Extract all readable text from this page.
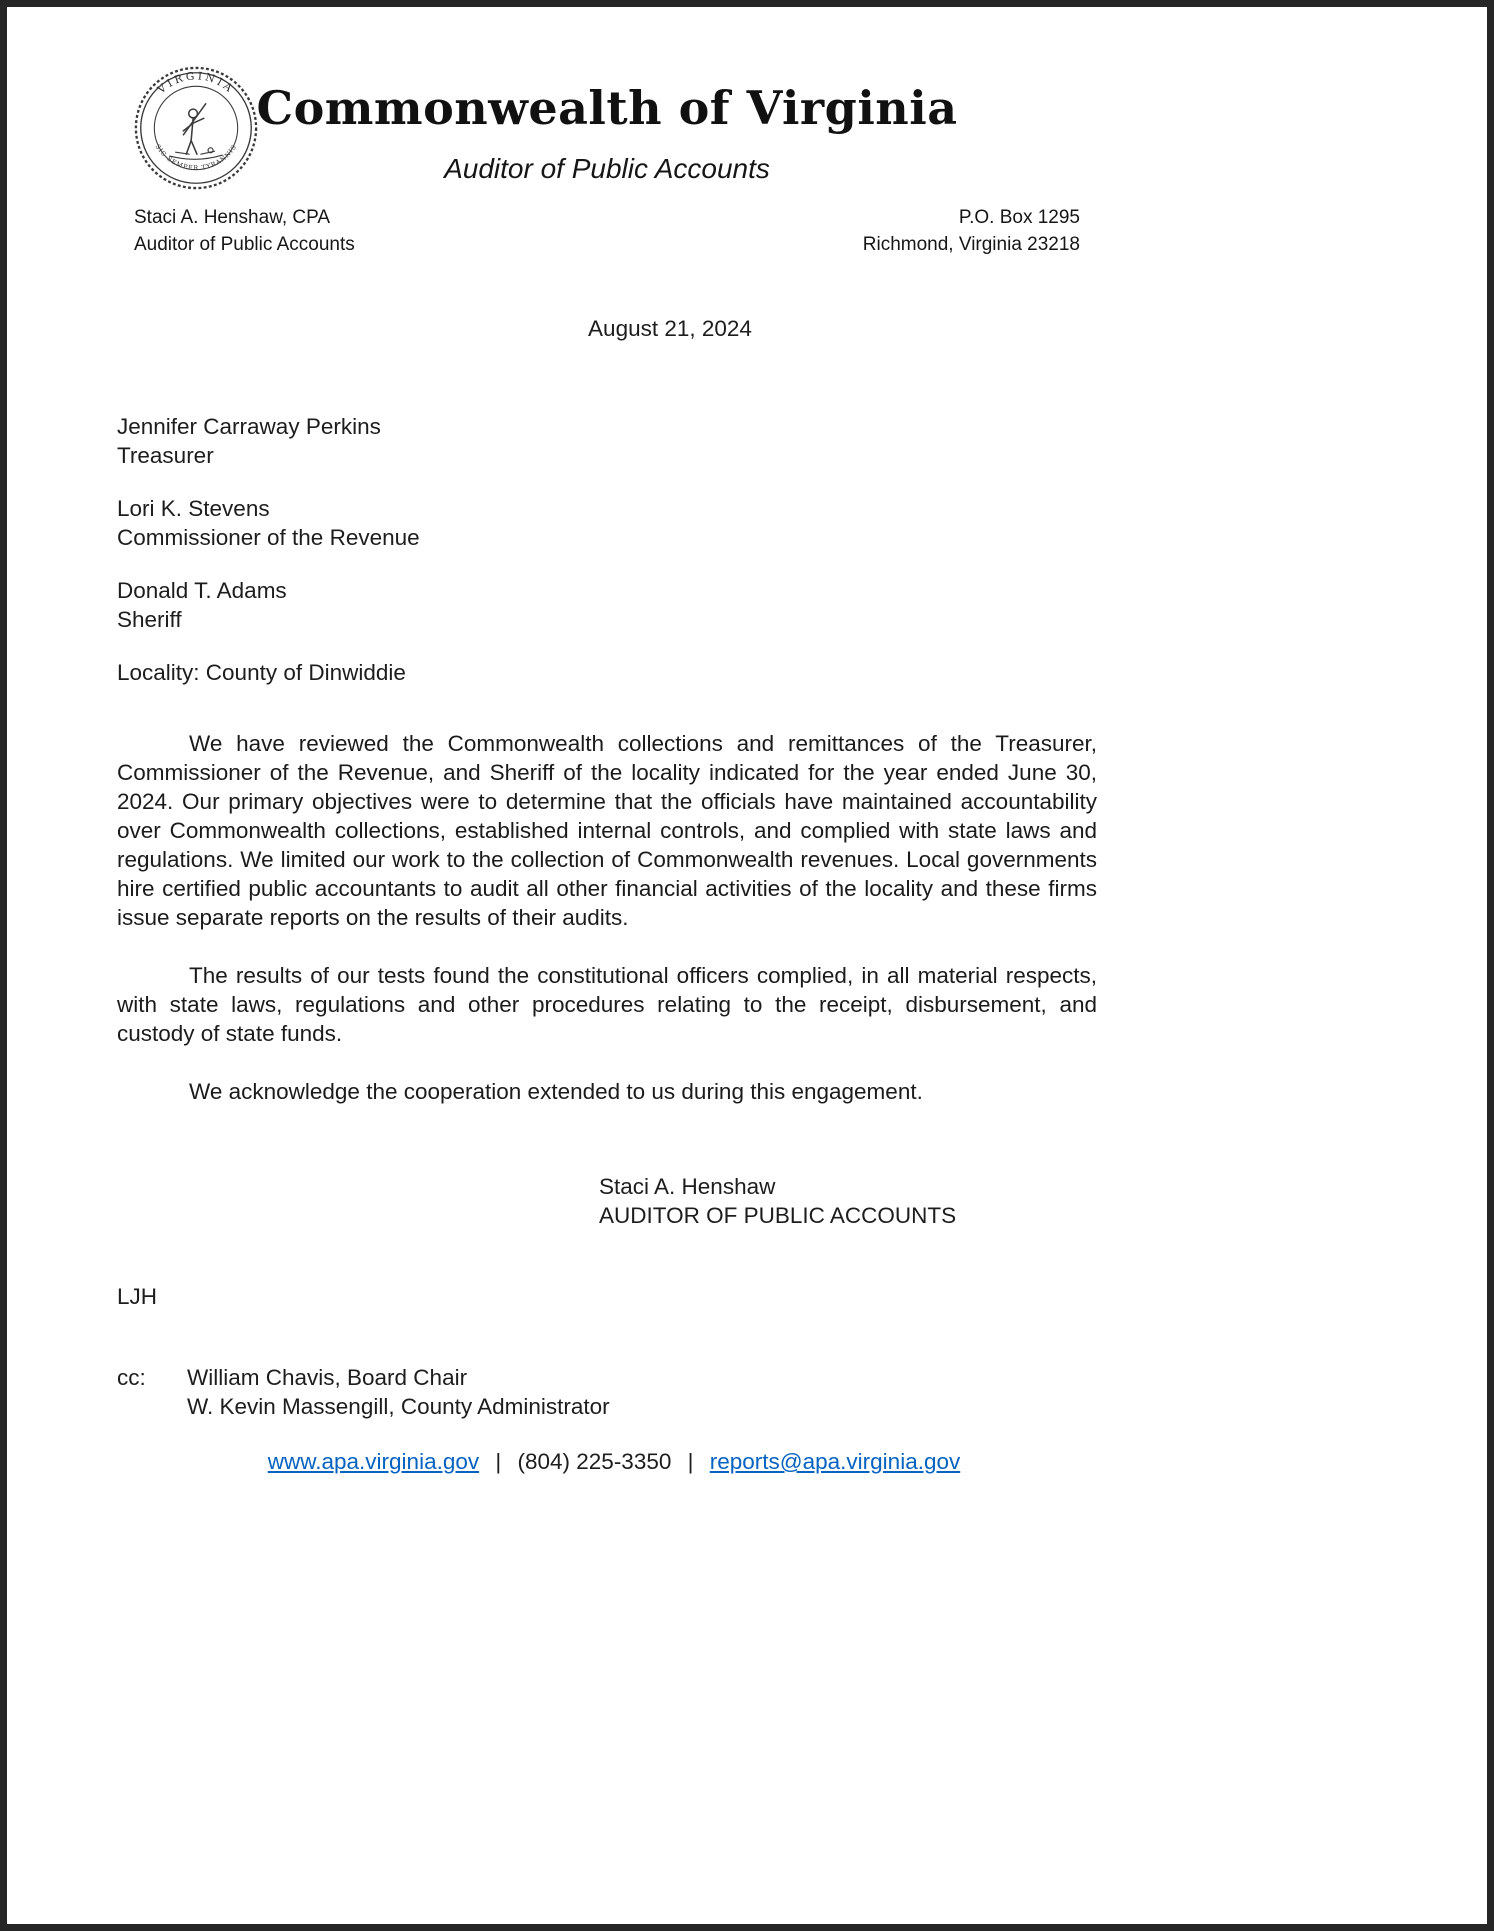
VIRGINIA
SIC SEMPER TYRANNIS
Commonwealth of Virginia
Auditor of Public Accounts
Staci A. Henshaw, CPA
Auditor of Public Accounts
P.O. Box 1295
Richmond, Virginia 23218
August 21, 2024
Jennifer Carraway Perkins
Treasurer
Lori K. Stevens
Commissioner of the Revenue
Donald T. Adams
Sheriff
Locality: County of Dinwiddie

We have reviewed the Commonwealth collections and remittances of the Treasurer, Commissioner of the Revenue, and Sheriff of the locality indicated for the year ended June 30, 2024. Our primary objectives were to determine that the officials have maintained accountability over Commonwealth collections, established internal controls, and complied with state laws and regulations. We limited our work to the collection of Commonwealth revenues. Local governments hire certified public accountants to audit all other financial activities of the locality and these firms issue separate reports on the results of their audits.

The results of our tests found the constitutional officers complied, in all material respects, with state laws, regulations and other procedures relating to the receipt, disbursement, and custody of state funds.

We acknowledge the cooperation extended to us during this engagement.

Staci A. Henshaw
AUDITOR OF PUBLIC ACCOUNTS
LJH
cc:	William Chavis, Board Chair
W. Kevin Massengill, County Administrator
www.apa.virginia.gov | (804) 225-3350 | reports@apa.virginia.gov
